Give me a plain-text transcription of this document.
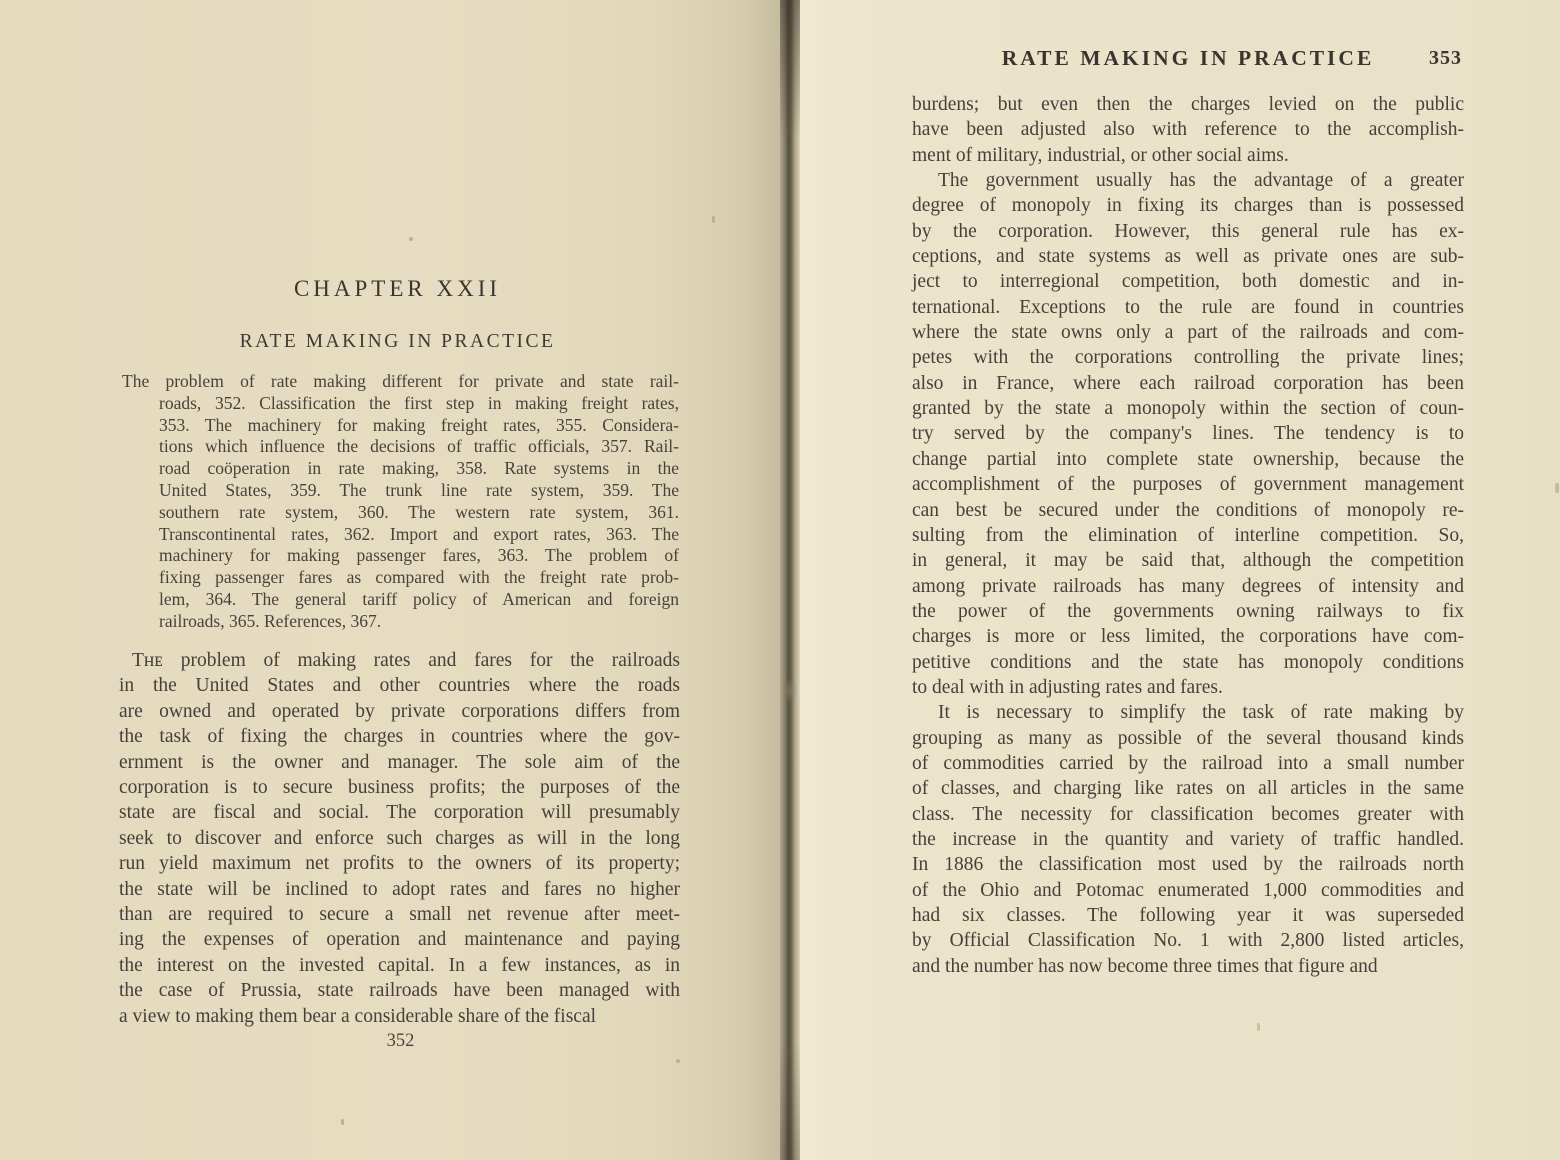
CHAPTER XXII
RATE MAKING IN PRACTICE
The problem of rate making different for private and state rail-
roads, 352. Classification the first step in making freight rates,
353. The machinery for making freight rates, 355. Considera-
tions which influence the decisions of traffic officials, 357. Rail-
road coöperation in rate making, 358. Rate systems in the
United States, 359. The trunk line rate system, 359. The
southern rate system, 360. The western rate system, 361.
Transcontinental rates, 362. Import and export rates, 363. The
machinery for making passenger fares, 363. The problem of
fixing passenger fares as compared with the freight rate prob-
lem, 364. The general tariff policy of American and foreign
railroads, 365. References, 367.
Tʜᴇ problem of making rates and fares for the railroads
in the United States and other countries where the roads
are owned and operated by private corporations differs from
the task of fixing the charges in countries where the gov-
ernment is the owner and manager. The sole aim of the
corporation is to secure business profits; the purposes of the
state are fiscal and social. The corporation will presumably
seek to discover and enforce such charges as will in the long
run yield maximum net profits to the owners of its property;
the state will be inclined to adopt rates and fares no higher
than are required to secure a small net revenue after meet-
ing the expenses of operation and maintenance and paying
the interest on the invested capital. In a few instances, as in
the case of Prussia, state railroads have been managed with
a view to making them bear a considerable share of the fiscal
352
RATE MAKING IN PRACTICE	353
burdens; but even then the charges levied on the public
have been adjusted also with reference to the accomplish-
ment of military, industrial, or other social aims.
The government usually has the advantage of a greater
degree of monopoly in fixing its charges than is possessed
by the corporation. However, this general rule has ex-
ceptions, and state systems as well as private ones are sub-
ject to interregional competition, both domestic and in-
ternational. Exceptions to the rule are found in countries
where the state owns only a part of the railroads and com-
petes with the corporations controlling the private lines;
also in France, where each railroad corporation has been
granted by the state a monopoly within the section of coun-
try served by the company's lines. The tendency is to
change partial into complete state ownership, because the
accomplishment of the purposes of government management
can best be secured under the conditions of monopoly re-
sulting from the elimination of interline competition. So,
in general, it may be said that, although the competition
among private railroads has many degrees of intensity and
the power of the governments owning railways to fix
charges is more or less limited, the corporations have com-
petitive conditions and the state has monopoly conditions
to deal with in adjusting rates and fares.
It is necessary to simplify the task of rate making by
grouping as many as possible of the several thousand kinds
of commodities carried by the railroad into a small number
of classes, and charging like rates on all articles in the same
class. The necessity for classification becomes greater with
the increase in the quantity and variety of traffic handled.
In 1886 the classification most used by the railroads north
of the Ohio and Potomac enumerated 1,000 commodities and
had six classes. The following year it was superseded
by Official Classification No. 1 with 2,800 listed articles,
and the number has now become three times that figure and
